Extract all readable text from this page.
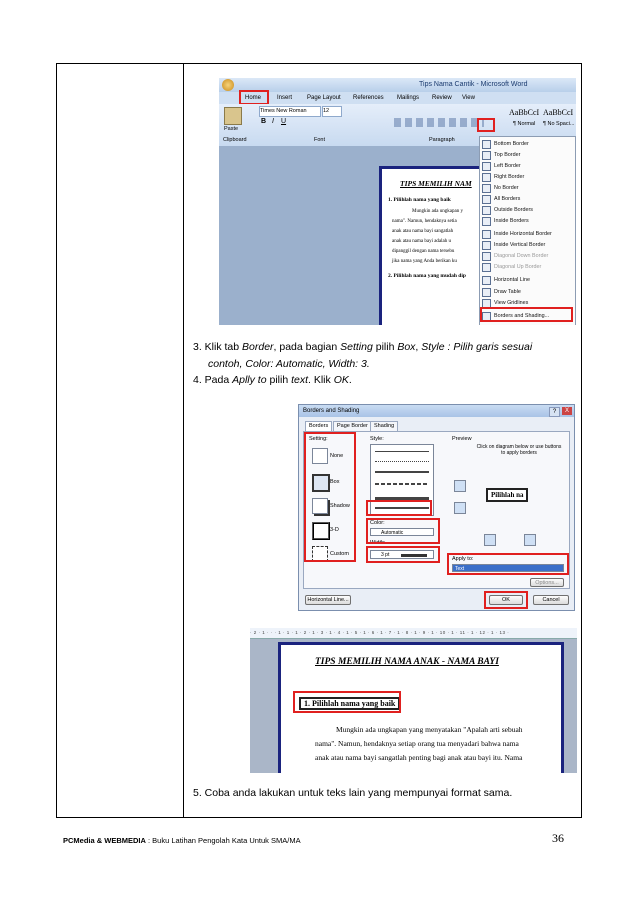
Tips Nama Cantik - Microsoft Word
Home	Insert Page Layout References Mailings Review View
Paste
Times New Roman	12
B I U
Clipboard	Font	Paragraph
AaBbCcI
¶ Normal
AaBbCcI
¶ No Spaci...
TIPS MEMILIH NAM
1. Pilihlah nama yang baik
Mungkin ada ungkapan y
nama". Namun, hendaknya setia
anak atau nama bayi sangatlah
anak atau nama bayi adalah u
dipanggil dengan nama tersebu
jika nama yang Anda berikan ku
2. Pilihlah nama yang mudah dip
Bottom Border
Top Border
Left Border
Right Border
No Border
All Borders
Outside Borders
Inside Borders
Inside Horizontal Border
Inside Vertical Border
Diagonal Down Border
Diagonal Up Border
Horizontal Line
Draw Table
View Gridlines
Borders and Shading...
3. Klik tab Border, pada bagian Setting pilih Box, Style : Pilih garis sesuai
contoh, Color: Automatic, Width: 3.
4. Pada Aplly to pilih text. Klik OK.
Borders and Shading	?	X
Borders	Page Border	Shading
Setting:
None
Box
Shadow
3-D
Custom
Style:
Color:
Automatic
Width:
3 pt
Preview
Click on diagram below or use buttons to apply borders
Pilihlah na
Apply to:
Text
Options...
Horizontal Line...	OK	Cancel
· 2 · 1 · · · 1 · 1 · 1 · 2 · 1 · 3 · 1 · 4 · 1 · 5 · 1 · 6 · 1 · 7 · 1 · 8 · 1 · 9 · 1 · 10 · 1 · 11 · 1 · 12 · 1 · 13 ·
TIPS MEMILIH NAMA ANAK - NAMA BAYI
1. Pilihlah nama yang baik
Mungkin ada ungkapan yang menyatakan "Apalah arti sebuah
nama". Namun, hendaknya setiap orang tua menyadari bahwa nama
anak atau nama bayi sangatlah penting bagi anak atau bayi itu. Nama
5. Coba anda lakukan untuk teks lain yang mempunyai format sama.
PCMedia & WEBMEDIA : Buku Latihan Pengolah Kata Untuk SMA/MA	36
